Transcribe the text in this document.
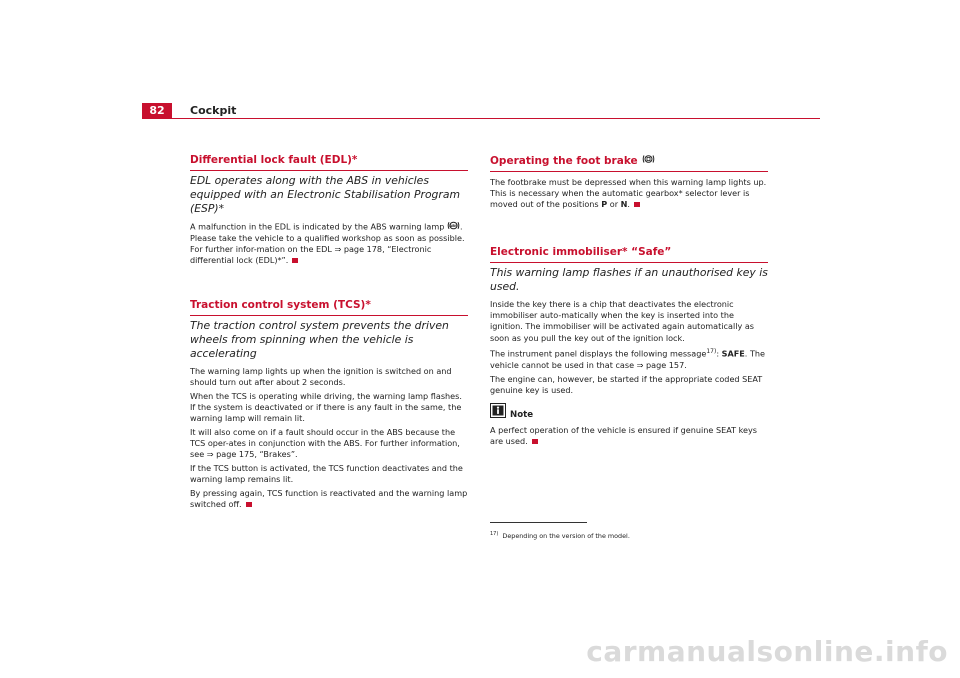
82	Cockpit
Differential lock fault (EDL)*

EDL operates along with the ABS in vehicles equipped with an Electronic Stabilisation Program (ESP)*

A malfunction in the EDL is indicated by the ABS warning lamp ABS . Please take the vehicle to a qualified workshop as soon as possible. For further infor-mation on the EDL ⇒ page 178, “Electronic differential lock (EDL)*”.

Traction control system (TCS)*

The traction control system prevents the driven wheels from spinning when the vehicle is accelerating

The warning lamp lights up when the ignition is switched on and should turn out after about 2 seconds.

When the TCS is operating while driving, the warning lamp flashes. If the system is deactivated or if there is any fault in the same, the warning lamp will remain lit.

It will also come on if a fault should occur in the ABS because the TCS oper-ates in conjunction with the ABS. For further information, see ⇒ page 175, “Brakes”.

If the TCS button is activated, the TCS function deactivates and the warning lamp remains lit.

By pressing again, TCS function is reactivated and the warning lamp switched off.

Operating the foot brake

The footbrake must be depressed when this warning lamp lights up. This is necessary when the automatic gearbox* selector lever is moved out of the positions P or N.

Electronic immobiliser* “Safe”

This warning lamp flashes if an unauthorised key is used.

Inside the key there is a chip that deactivates the electronic immobiliser auto-matically when the key is inserted into the ignition. The immobiliser will be activated again automatically as soon as you pull the key out of the ignition lock.

The instrument panel displays the following message$^{17)}$: SAFE. The vehicle cannot be used in that case ⇒ page 157.

The engine can, however, be started if the appropriate coded SEAT genuine key is used.

Note

A perfect operation of the vehicle is ensured if genuine SEAT keys are used.

$^{17)}$ Depending on the version of the model.
carmanualsonline.info
